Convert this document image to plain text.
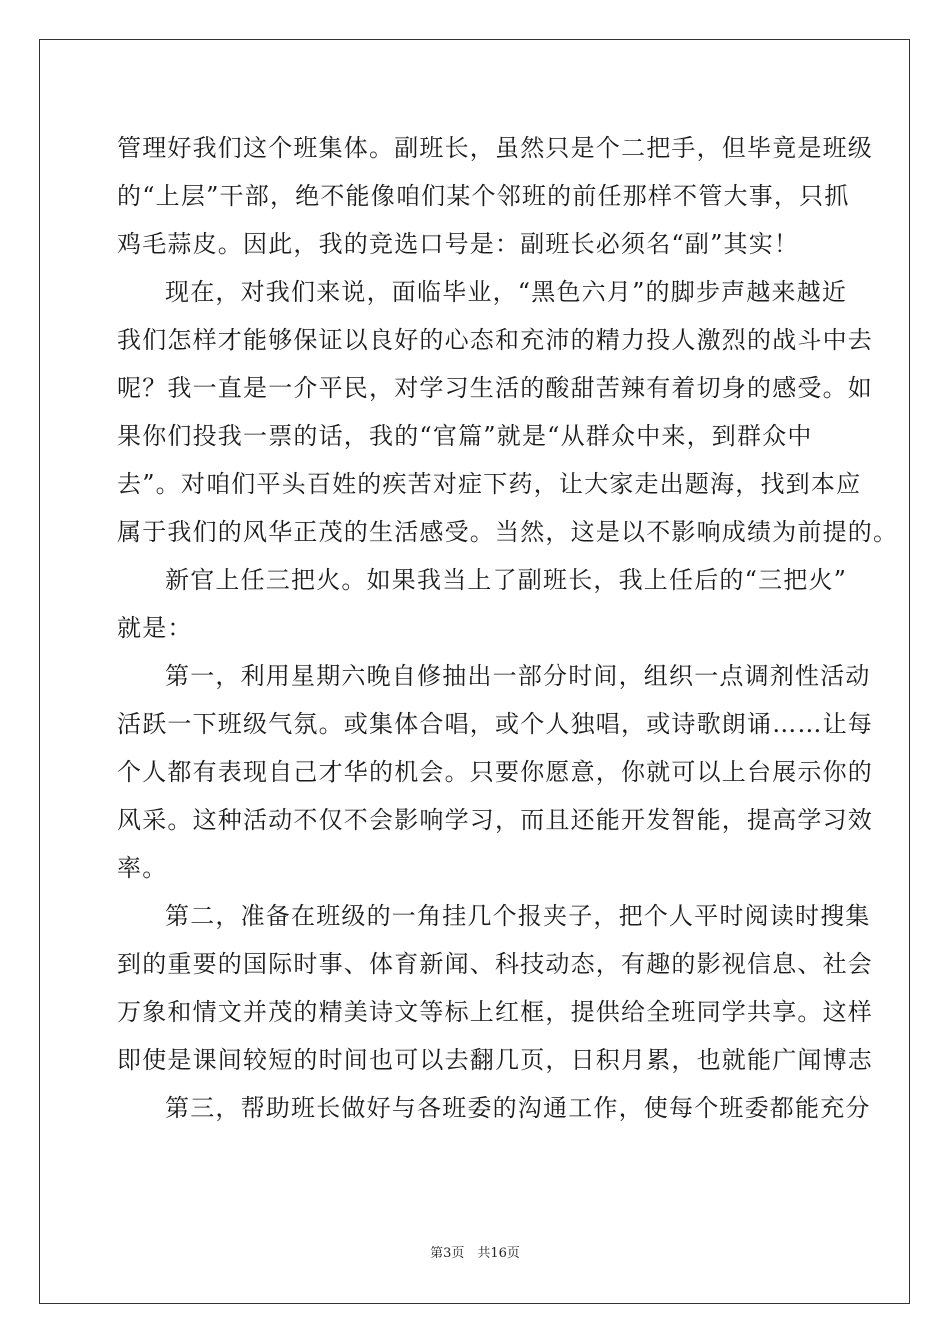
管理好我们这个班集体。副班长，虽然只是个二把手，但毕竟是班级
的“上层”干部，绝不能像咱们某个邻班的前任那样不管大事，只抓
鸡毛蒜皮。因此，我的竞选口号是：副班长必须名“副”其实！
现在，对我们来说，面临毕业，“黑色六月”的脚步声越来越近
我们怎样才能够保证以良好的心态和充沛的精力投人激烈的战斗中去
呢？我一直是一介平民，对学习生活的酸甜苦辣有着切身的感受。如
果你们投我一票的话，我的“官篇”就是“从群众中来，到群众中
去”。对咱们平头百姓的疾苦对症下药，让大家走出题海，找到本应
属于我们的风华正茂的生活感受。当然，这是以不影响成绩为前提的。
新官上任三把火。如果我当上了副班长，我上任后的“三把火”
就是：
第一，利用星期六晚自修抽出一部分时间，组织一点调剂性活动
活跃一下班级气氛。或集体合唱，或个人独唱，或诗歌朗诵……让每
个人都有表现自己才华的机会。只要你愿意，你就可以上台展示你的
风采。这种活动不仅不会影响学习，而且还能开发智能，提高学习效
率。
第二，准备在班级的一角挂几个报夹子，把个人平时阅读时搜集
到的重要的国际时事、体育新闻、科技动态，有趣的影视信息、社会
万象和情文并茂的精美诗文等标上红框，提供给全班同学共享。这样
即使是课间较短的时间也可以去翻几页，日积月累，也就能广闻博志
第三，帮助班长做好与各班委的沟通工作，使每个班委都能充分
第3页　共16页
